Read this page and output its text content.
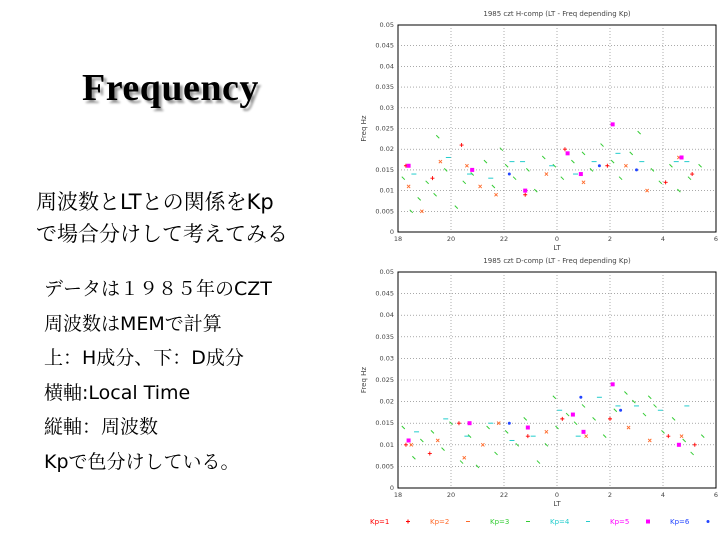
Frequency
周波数とLTとの関係をKp
で場合分けして考えてみる
データは１９８５年のCZT
周波数はMEMで計算
上：H成分、下：D成分
横軸:Local Time
縦軸：周波数
Kpで色分けしている。
18	20	22	0	2	4	6
0
0.005
0.01
0.015
0.02
0.025
0.03
0.035
0.04
0.045
0.05
1985 czt H-comp (LT - Freq depending Kp)
LT
Freq Hz
18	20	22	0	2	4	6
0
0.005
0.01
0.015
0.02
0.025
0.03
0.035
0.04
0.045
0.05
1985 czt D-comp (LT - Freq depending Kp)
LT
Freq Hz
Kp=1	Kp=2	Kp=3	Kp=4	Kp=5	Kp=6
